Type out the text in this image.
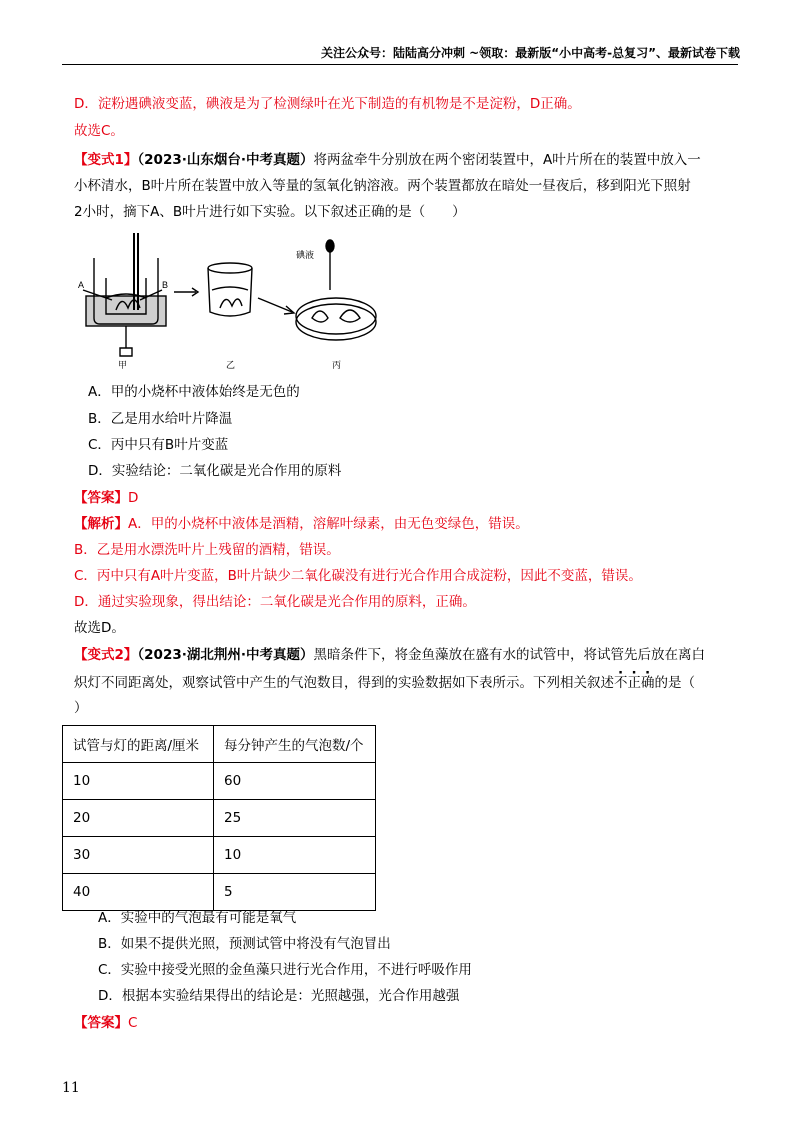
关注公众号：陆陆高分冲刺 ~领取：最新版“小中高考-总复习”、最新试卷下载
D．淀粉遇碘液变蓝，碘液是为了检测绿叶在光下制造的有机物是不是淀粉，D正确。
故选C。
【变式1】（2023·山东烟台·中考真题）将两盆牵牛分别放在两个密闭装置中，A叶片所在的装置中放入一
小杯清水，B叶片所在装置中放入等量的氢氧化钠溶液。两个装置都放在暗处一昼夜后，移到阳光下照射
2小时，摘下A、B叶片进行如下实验。以下叙述正确的是（　　）
A	B
碘液
甲	乙	丙
A．甲的小烧杯中液体始终是无色的
B．乙是用水给叶片降温
C．丙中只有B叶片变蓝
D．实验结论：二氧化碳是光合作用的原料
【答案】D
【解析】A．甲的小烧杯中液体是酒精，溶解叶绿素，由无色变绿色，错误。
B．乙是用水漂洗叶片上残留的酒精，错误。
C．丙中只有A叶片变蓝，B叶片缺少二氧化碳没有进行光合作用合成淀粉，因此不变蓝，错误。
D．通过实验现象，得出结论：二氧化碳是光合作用的原料，正确。
故选D。
【变式2】（2023·湖北荆州·中考真题）黑暗条件下，将金鱼藻放在盛有水的试管中，将试管先后放在离白
炽灯不同距离处，观察试管中产生的气泡数目，得到的实验数据如下表所示。下列相关叙述不正确的是（
）
试管与灯的距离/厘米	每分钟产生的气泡数/个
10	60
20	25
30	10
40	5
A．实验中的气泡最有可能是氧气
B．如果不提供光照，预测试管中将没有气泡冒出
C．实验中接受光照的金鱼藻只进行光合作用，不进行呼吸作用
D．根据本实验结果得出的结论是：光照越强，光合作用越强
【答案】C
11
